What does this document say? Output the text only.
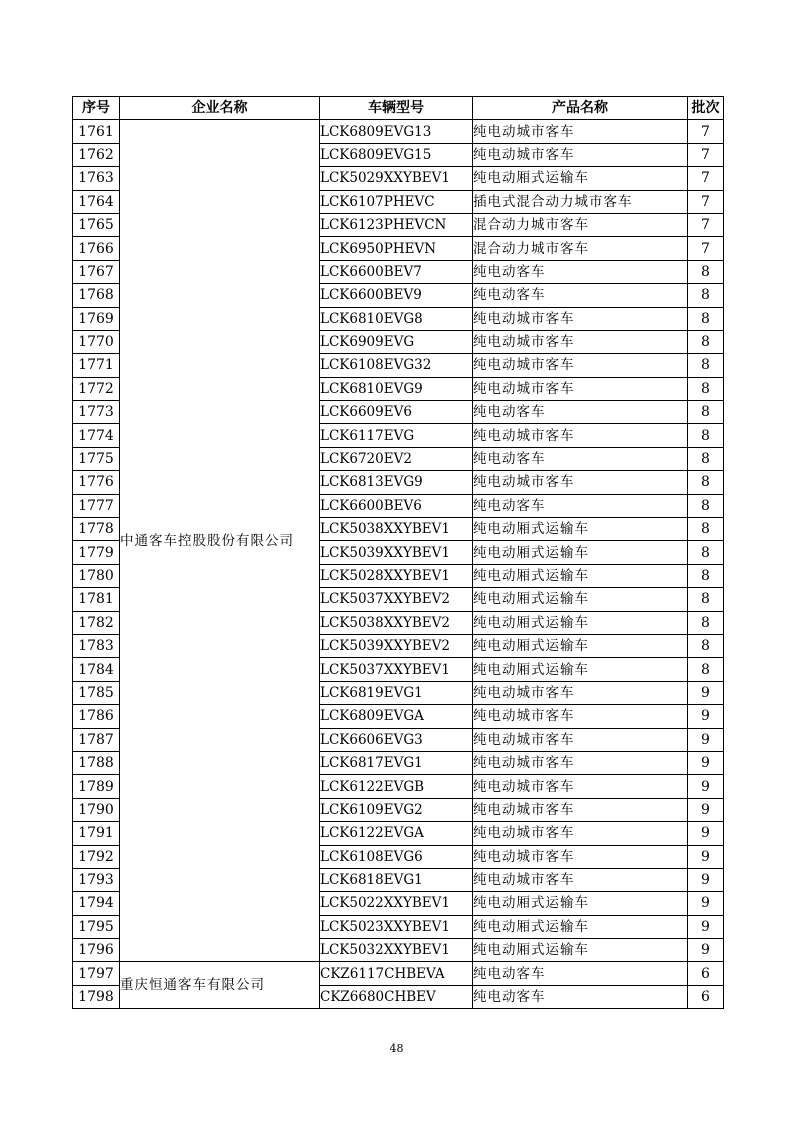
序号	企业名称	车辆型号	产品名称	批次
1761	中通客车控股股份有限公司	LCK6809EVG13	纯电动城市客车	7
1762		LCK6809EVG15	纯电动城市客车	7
1763		LCK5029XXYBEV1	纯电动厢式运输车	7
1764		LCK6107PHEVC	插电式混合动力城市客车	7
1765		LCK6123PHEVCN	混合动力城市客车	7
1766		LCK6950PHEVN	混合动力城市客车	7
1767		LCK6600BEV7	纯电动客车	8
1768		LCK6600BEV9	纯电动客车	8
1769		LCK6810EVG8	纯电动城市客车	8
1770		LCK6909EVG	纯电动城市客车	8
1771		LCK6108EVG32	纯电动城市客车	8
1772		LCK6810EVG9	纯电动城市客车	8
1773		LCK6609EV6	纯电动客车	8
1774		LCK6117EVG	纯电动城市客车	8
1775		LCK6720EV2	纯电动客车	8
1776		LCK6813EVG9	纯电动城市客车	8
1777		LCK6600BEV6	纯电动客车	8
1778		LCK5038XXYBEV1	纯电动厢式运输车	8
1779		LCK5039XXYBEV1	纯电动厢式运输车	8
1780		LCK5028XXYBEV1	纯电动厢式运输车	8
1781		LCK5037XXYBEV2	纯电动厢式运输车	8
1782		LCK5038XXYBEV2	纯电动厢式运输车	8
1783		LCK5039XXYBEV2	纯电动厢式运输车	8
1784		LCK5037XXYBEV1	纯电动厢式运输车	8
1785		LCK6819EVG1	纯电动城市客车	9
1786		LCK6809EVGA	纯电动城市客车	9
1787		LCK6606EVG3	纯电动城市客车	9
1788		LCK6817EVG1	纯电动城市客车	9
1789		LCK6122EVGB	纯电动城市客车	9
1790		LCK6109EVG2	纯电动城市客车	9
1791		LCK6122EVGA	纯电动城市客车	9
1792		LCK6108EVG6	纯电动城市客车	9
1793		LCK6818EVG1	纯电动城市客车	9
1794		LCK5022XXYBEV1	纯电动厢式运输车	9
1795		LCK5023XXYBEV1	纯电动厢式运输车	9
1796		LCK5032XXYBEV1	纯电动厢式运输车	9
1797	重庆恒通客车有限公司	CKZ6117CHBEVA	纯电动客车	6
1798		CKZ6680CHBEV	纯电动客车	6
48
